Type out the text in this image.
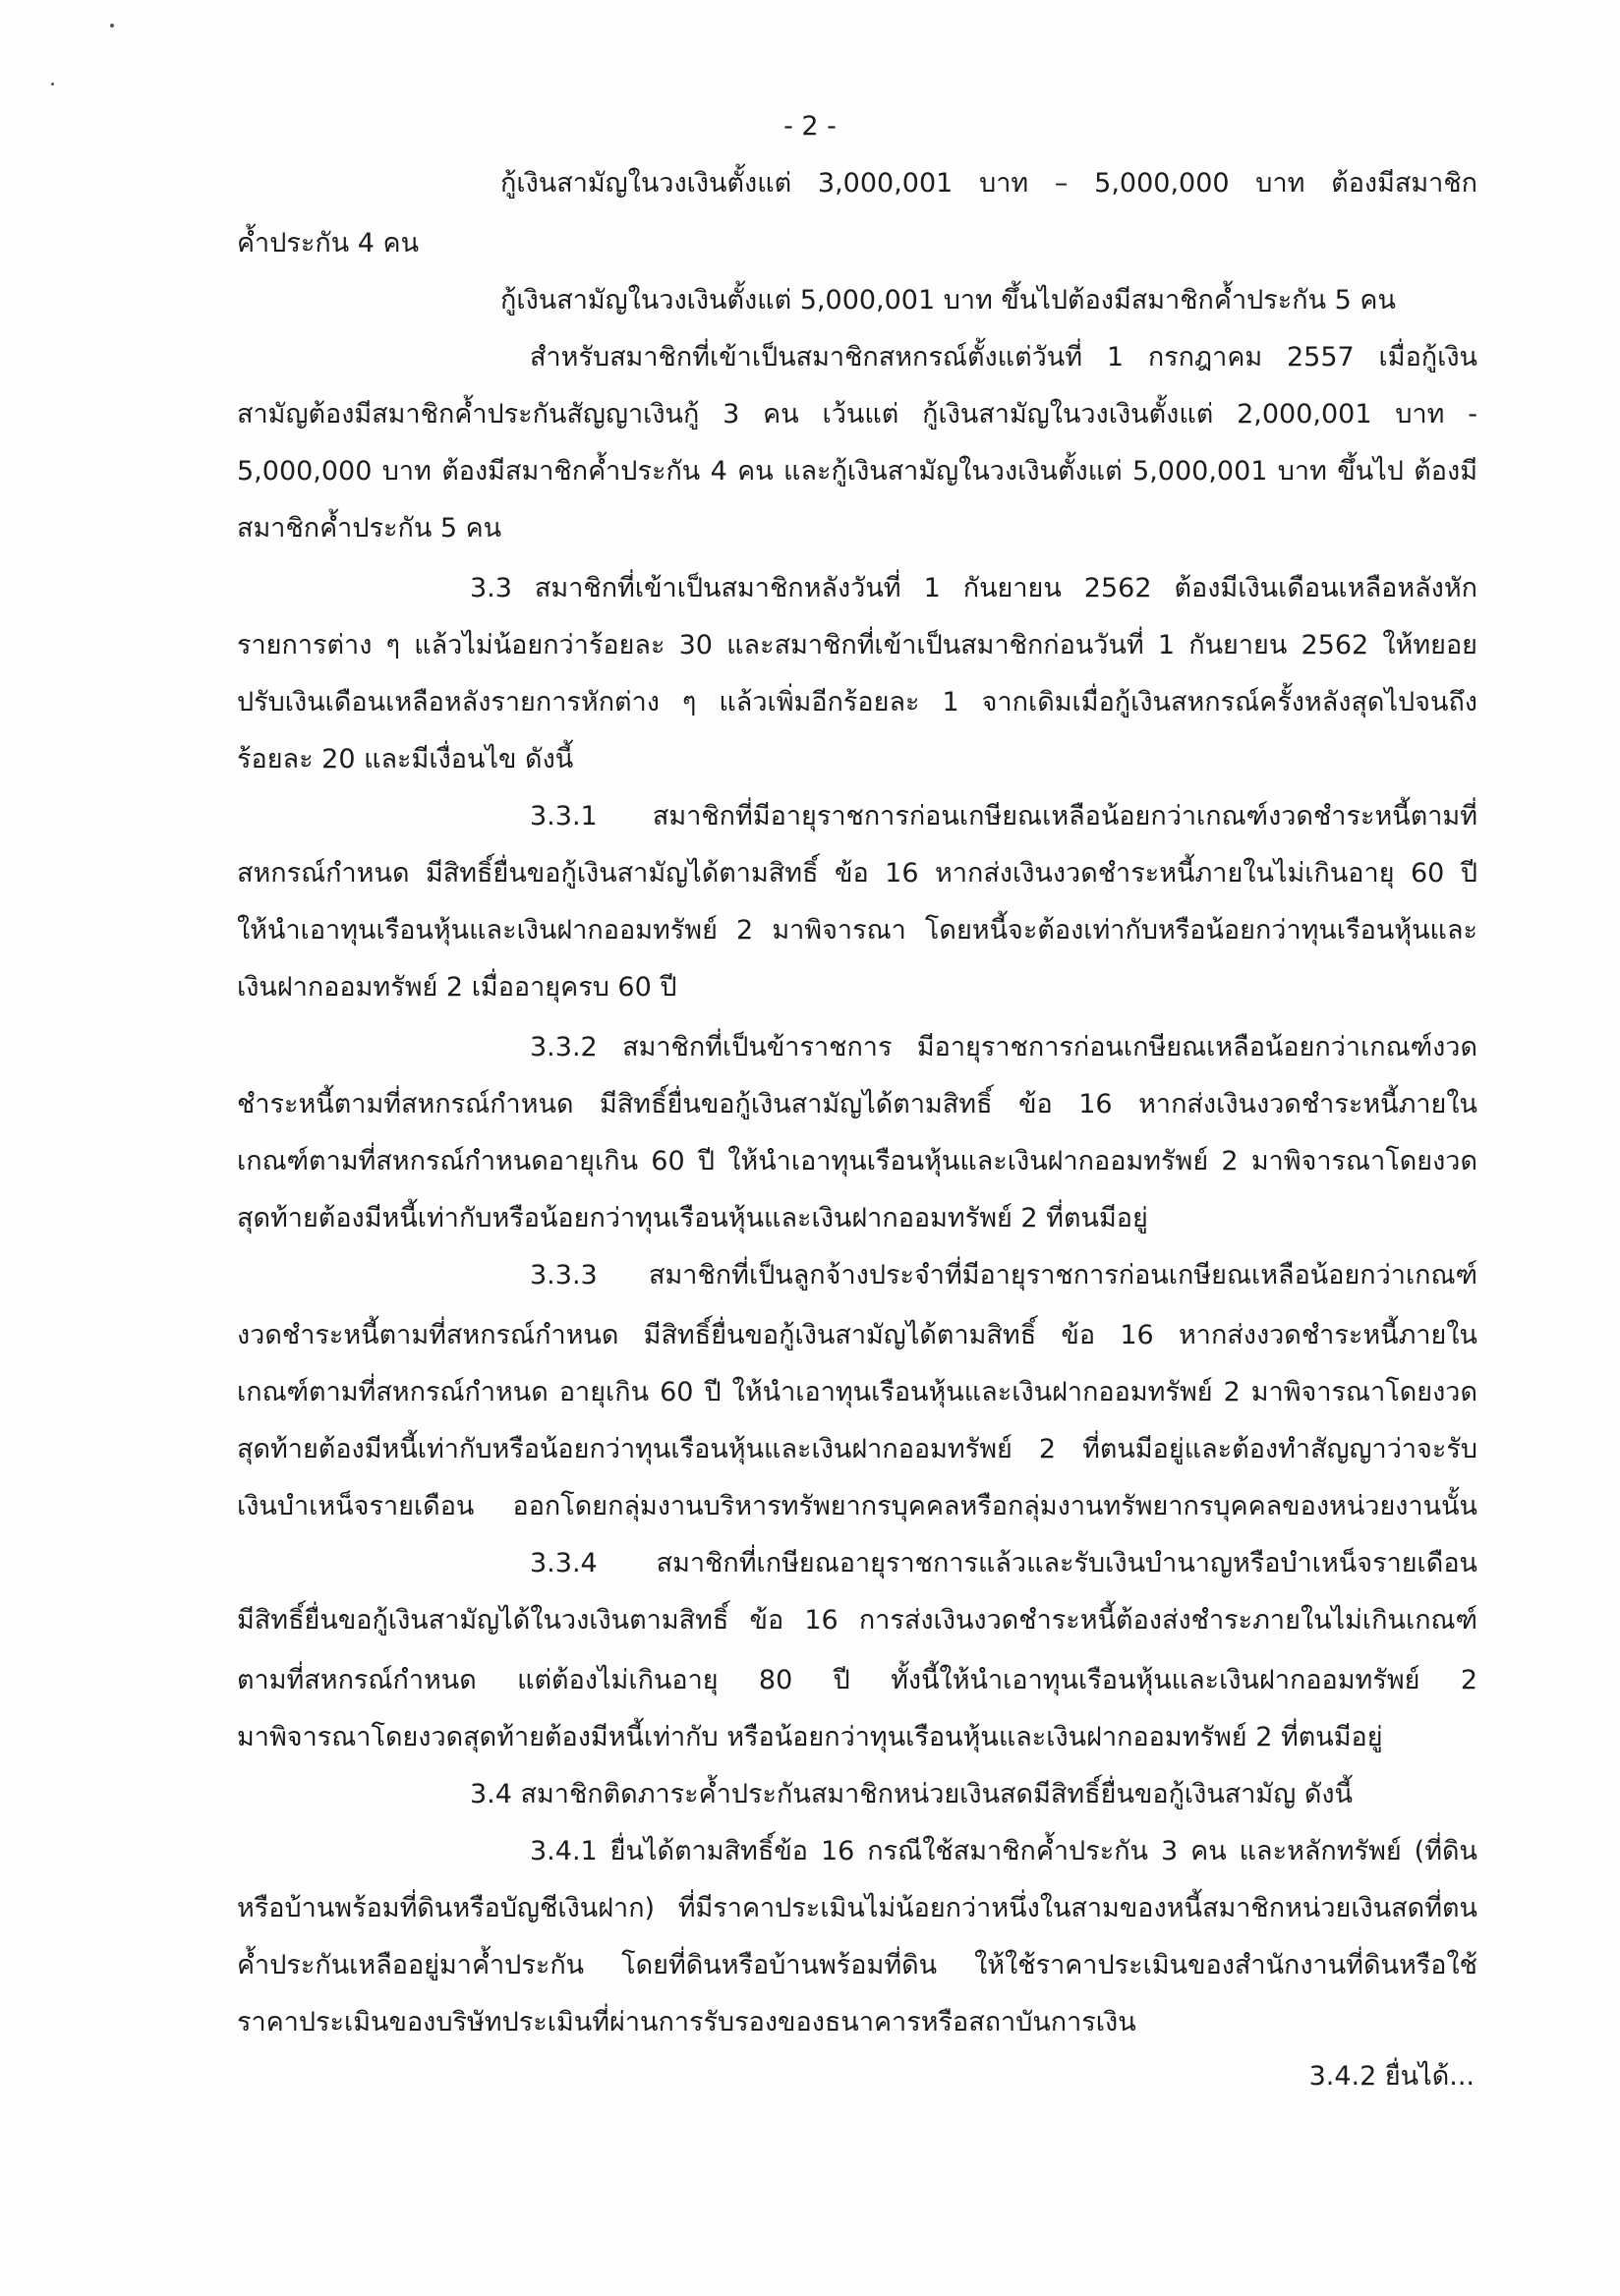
- 2 -
กู้เงินสามัญในวงเงินตั้งแต่ 3,000,001 บาท – 5,000,000 บาท ต้องมีสมาชิก
ค้ำประกัน 4 คน
กู้เงินสามัญในวงเงินตั้งแต่ 5,000,001 บาท ขึ้นไปต้องมีสมาชิกค้ำประกัน 5 คน
สำหรับสมาชิกที่เข้าเป็นสมาชิกสหกรณ์ตั้งแต่วันที่ 1 กรกฎาคม 2557 เมื่อกู้เงิน
สามัญต้องมีสมาชิกค้ำประกันสัญญาเงินกู้ 3 คน เว้นแต่ กู้เงินสามัญในวงเงินตั้งแต่ 2,000,001 บาท -
5,000,000 บาท ต้องมีสมาชิกค้ำประกัน 4 คน และกู้เงินสามัญในวงเงินตั้งแต่ 5,000,001 บาท ขึ้นไป ต้องมี
สมาชิกค้ำประกัน 5 คน
3.3 สมาชิกที่เข้าเป็นสมาชิกหลังวันที่ 1 กันยายน 2562 ต้องมีเงินเดือนเหลือหลังหัก
รายการต่าง ๆ แล้วไม่น้อยกว่าร้อยละ 30 และสมาชิกที่เข้าเป็นสมาชิกก่อนวันที่ 1 กันยายน 2562 ให้ทยอย
ปรับเงินเดือนเหลือหลังรายการหักต่าง ๆ แล้วเพิ่มอีกร้อยละ 1 จากเดิมเมื่อกู้เงินสหกรณ์ครั้งหลังสุดไปจนถึง
ร้อยละ 20 และมีเงื่อนไข ดังนี้
3.3.1 สมาชิกที่มีอายุราชการก่อนเกษียณเหลือน้อยกว่าเกณฑ์งวดชำระหนี้ตามที่
สหกรณ์กำหนด มีสิทธิ์ยื่นขอกู้เงินสามัญได้ตามสิทธิ์ ข้อ 16 หากส่งเงินงวดชำระหนี้ภายในไม่เกินอายุ 60 ปี
ให้นำเอาทุนเรือนหุ้นและเงินฝากออมทรัพย์ 2 มาพิจารณา โดยหนี้จะต้องเท่ากับหรือน้อยกว่าทุนเรือนหุ้นและ
เงินฝากออมทรัพย์ 2 เมื่ออายุครบ 60 ปี
3.3.2 สมาชิกที่เป็นข้าราชการ มีอายุราชการก่อนเกษียณเหลือน้อยกว่าเกณฑ์งวด
ชำระหนี้ตามที่สหกรณ์กำหนด มีสิทธิ์ยื่นขอกู้เงินสามัญได้ตามสิทธิ์ ข้อ 16 หากส่งเงินงวดชำระหนี้ภายใน
เกณฑ์ตามที่สหกรณ์กำหนดอายุเกิน 60 ปี ให้นำเอาทุนเรือนหุ้นและเงินฝากออมทรัพย์ 2 มาพิจารณาโดยงวด
สุดท้ายต้องมีหนี้เท่ากับหรือน้อยกว่าทุนเรือนหุ้นและเงินฝากออมทรัพย์ 2 ที่ตนมีอยู่
3.3.3 สมาชิกที่เป็นลูกจ้างประจำที่มีอายุราชการก่อนเกษียณเหลือน้อยกว่าเกณฑ์
งวดชำระหนี้ตามที่สหกรณ์กำหนด มีสิทธิ์ยื่นขอกู้เงินสามัญได้ตามสิทธิ์ ข้อ 16 หากส่งงวดชำระหนี้ภายใน
เกณฑ์ตามที่สหกรณ์กำหนด อายุเกิน 60 ปี ให้นำเอาทุนเรือนหุ้นและเงินฝากออมทรัพย์ 2 มาพิจารณาโดยงวด
สุดท้ายต้องมีหนี้เท่ากับหรือน้อยกว่าทุนเรือนหุ้นและเงินฝากออมทรัพย์ 2 ที่ตนมีอยู่และต้องทำสัญญาว่าจะรับ
เงินบำเหน็จรายเดือน ออกโดยกลุ่มงานบริหารทรัพยากรบุคคลหรือกลุ่มงานทรัพยากรบุคคลของหน่วยงานนั้น
3.3.4 สมาชิกที่เกษียณอายุราชการแล้วและรับเงินบำนาญหรือบำเหน็จรายเดือน
มีสิทธิ์ยื่นขอกู้เงินสามัญได้ในวงเงินตามสิทธิ์ ข้อ 16 การส่งเงินงวดชำระหนี้ต้องส่งชำระภายในไม่เกินเกณฑ์
ตามที่สหกรณ์กำหนด แต่ต้องไม่เกินอายุ 80 ปี ทั้งนี้ให้นำเอาทุนเรือนหุ้นและเงินฝากออมทรัพย์ 2
มาพิจารณาโดยงวดสุดท้ายต้องมีหนี้เท่ากับ หรือน้อยกว่าทุนเรือนหุ้นและเงินฝากออมทรัพย์ 2 ที่ตนมีอยู่
3.4 สมาชิกติดภาระค้ำประกันสมาชิกหน่วยเงินสดมีสิทธิ์ยื่นขอกู้เงินสามัญ ดังนี้
3.4.1 ยื่นได้ตามสิทธิ์ข้อ 16 กรณีใช้สมาชิกค้ำประกัน 3 คน และหลักทรัพย์ (ที่ดิน
หรือบ้านพร้อมที่ดินหรือบัญชีเงินฝาก) ที่มีราคาประเมินไม่น้อยกว่าหนึ่งในสามของหนี้สมาชิกหน่วยเงินสดที่ตน
ค้ำประกันเหลืออยู่มาค้ำประกัน โดยที่ดินหรือบ้านพร้อมที่ดิน ให้ใช้ราคาประเมินของสำนักงานที่ดินหรือใช้
ราคาประเมินของบริษัทประเมินที่ผ่านการรับรองของธนาคารหรือสถาบันการเงิน
3.4.2 ยื่นได้...
